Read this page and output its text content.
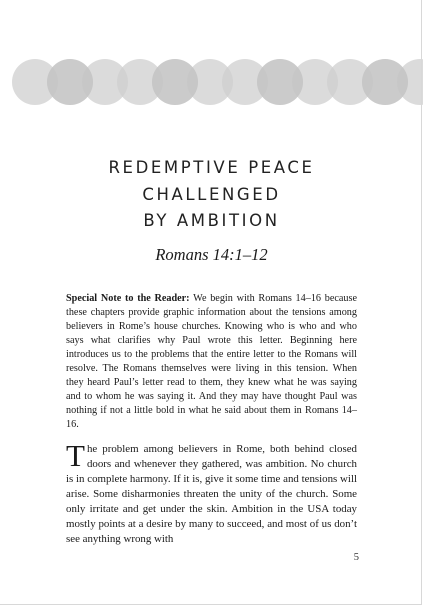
REDEMPTIVE PEACE
CHALLENGED
BY AMBITION
Romans 14:1–12
Special Note to the Reader: We begin with Romans 14–16 because these chapters provide graphic information about the tensions among believers in Rome’s house churches. Knowing who is who and who says what clarifies why Paul wrote this letter. Beginning here introduces us to the problems that the entire letter to the Romans will resolve. The Romans themselves were living in this tension. When they heard Paul’s letter read to them, they knew what he was saying and to whom he was saying it. And they may have thought Paul was nothing if not a little bold in what he said about them in Romans 14–16.
The problem among believers in Rome, both behind closed doors and whenever they gathered, was ambition. No church is in complete harmony. If it is, give it some time and tensions will arise. Some disharmonies threaten the unity of the church. Some only irritate and get under the skin. Ambition in the USA today mostly points at a desire by many to succeed, and most of us don’t see anything wrong with
5
